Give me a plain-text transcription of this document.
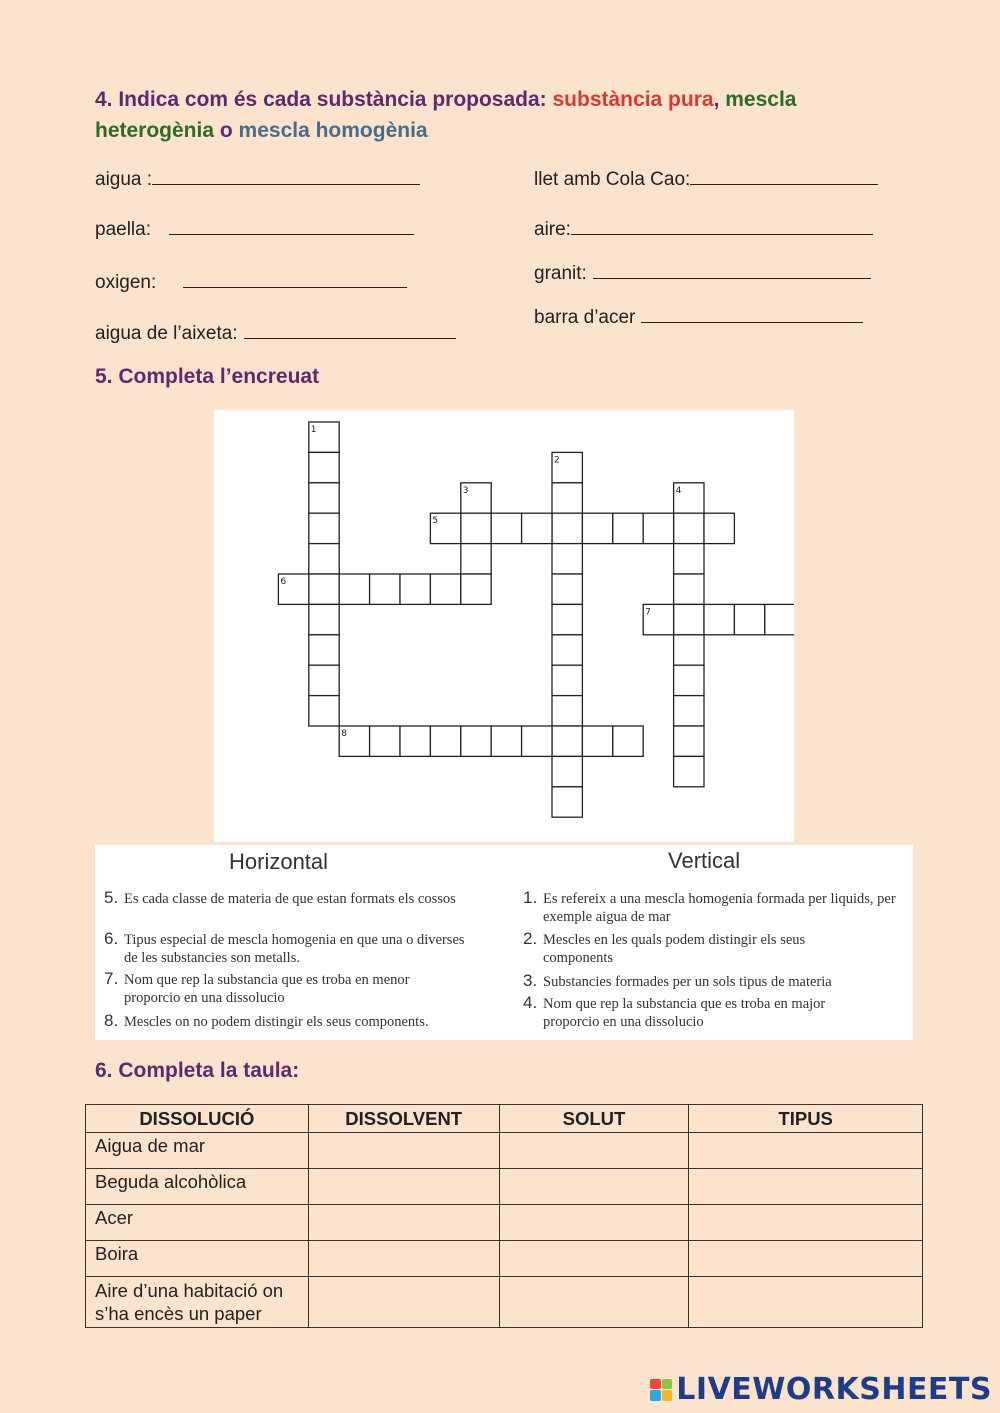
4. Indica com és cada substància proposada: substància pura, mescla
heterogènia o mescla homogènia
aigua :
paella:
oxigen:
aigua de l’aixeta:
llet amb Cola Cao:
aire:
granit:
barra d’acer
5. Completa l’encreuat
1
2
3	4
5
6
7
8
Horizontal	Vertical
5. Es cada classe de materia de que estan formats els cossos
6. Tipus especial de mescla homogenia en que una o diverses de les substancies son metalls.
7. Nom que rep la substancia que es troba en menor proporcio en una dissolucio
8. Mescles on no podem distingir els seus components.
1. Es refereix a una mescla homogenia formada per liquids, per exemple aigua de mar
2. Mescles en les quals podem distingir els seus components
3. Substancies formades per un sols tipus de materia
4. Nom que rep la substancia que es troba en major proporcio en una dissolucio
6. Completa la taula:
DISSOLUCIÓ	DISSOLVENT	SOLUT	TIPUS
Aigua de mar			
Beguda alcohòlica			
Acer			
Boira			
Aire d’una habitació on s’ha encès un paper			
LIVEWORKSHEETS
